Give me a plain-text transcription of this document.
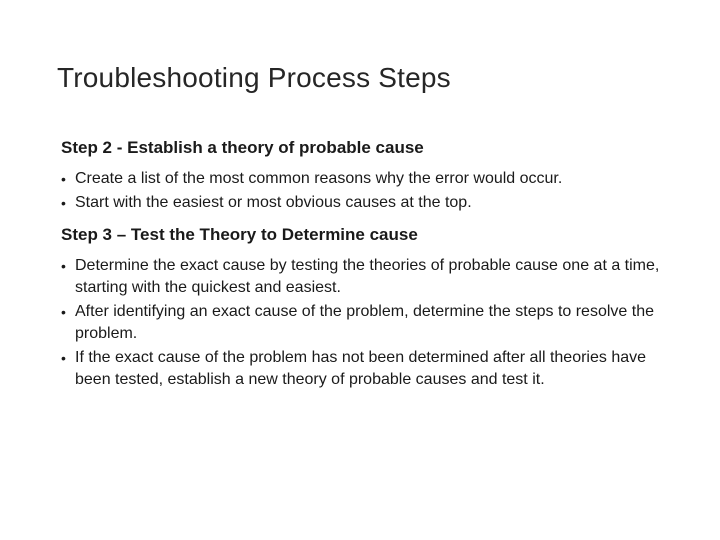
Troubleshooting Process Steps
Step 2 - Establish a theory of probable cause
• Create a list of the most common reasons why the error would occur.
• Start with the easiest or most obvious causes at the top.
Step 3 – Test the Theory to Determine cause
• Determine the exact cause by testing the theories of probable cause one at a time, starting with the quickest and easiest.
• After identifying an exact cause of the problem, determine the steps to resolve the problem.
• If the exact cause of the problem has not been determined after all theories have been tested, establish a new theory of probable causes and test it.
